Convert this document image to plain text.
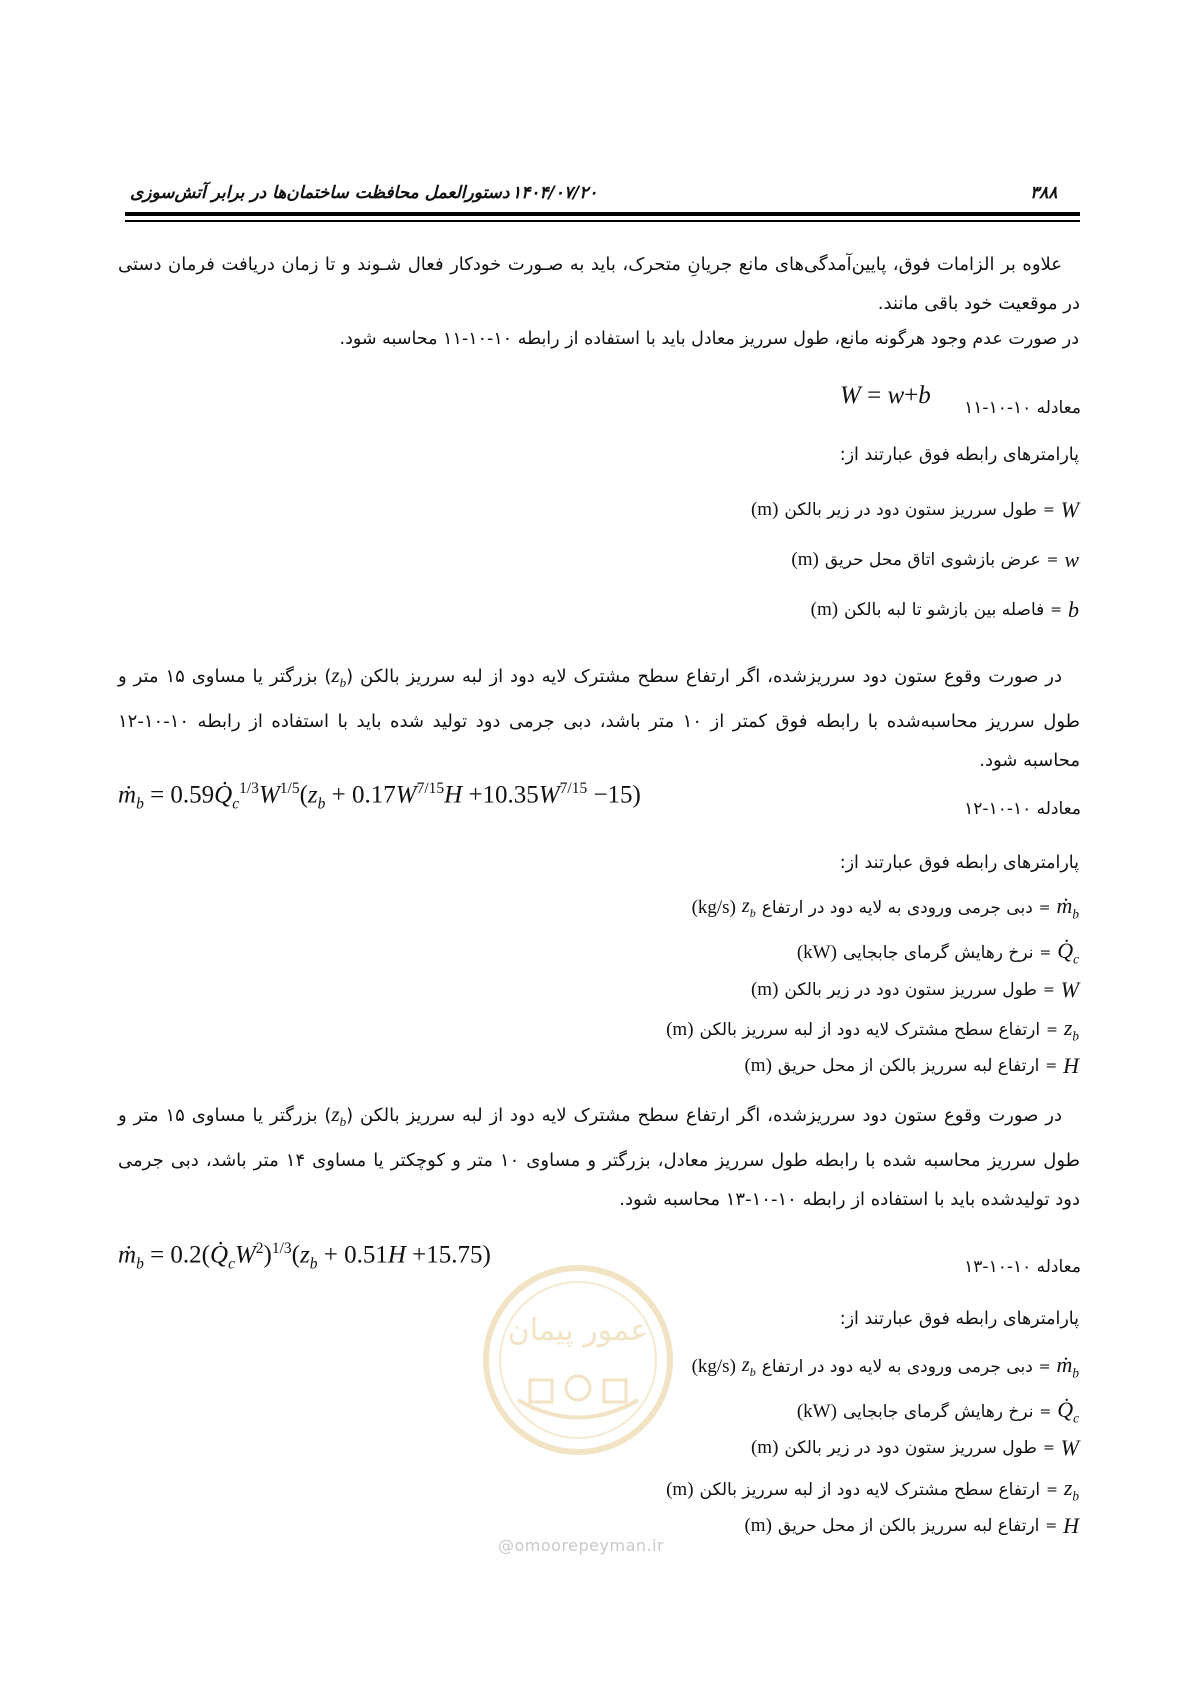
۳۸۸
۱۴۰۴/۰۷/۲۰
دستورالعمل محافظت ساختمان‌ها در برابر آتش‌سوزی
علاوه بر الزامات فوق، پایین‌آمدگی‌های مانع جریانِ متحرک، باید به صـورت خودکار فعال شـوند و تا زمان دریافت فرمان دستی در موقعیت خود باقی مانند.
در صورت عدم وجود هرگونه مانع، طول سرریز معادل باید با استفاده از رابطه ۱۰-۱۰-۱۱ محاسبه شود.
معادله ۱۰-۱۰-۱۱
W = w+b
پارامترهای رابطه فوق عبارتند از:
W
=
طول سرریز ستون دود در زیر بالکن
(m)
w
=
عرض بازشوی اتاق محل حریق
(m)
b
=
فاصله بین بازشو تا لبه بالکن
(m)
در صورت وقوع ستون دود سرریزشده، اگر ارتفاع سطح مشترک لایه دود از لبه سرریز بالکن $(z_b)$ بزرگتر یا مساوی ۱۵ متر و طول سرریز محاسبه‌شده با رابطه فوق کمتر از ۱۰ متر باشد، دبی جرمی دود تولید شده باید با استفاده از رابطه ۱۰-۱۰-۱۲ محاسبه شود.
معادله ۱۰-۱۰-۱۲
ṁ$_b$ = $0.59Q̇_c^{1/3}W^{1/5}(z_b + 0.17W^{7/15}H +10.35W^{7/15} -15)$
پارامترهای رابطه فوق عبارتند از:
ṁ$_b$
=
دبی جرمی ورودی به لایه دود در ارتفاع
$z_b$
(kg/s)
$Q̇_c$
=
نرخ رهایش گرمای جابجایی
(kW)
W
=
طول سرریز ستون دود در زیر بالکن
(m)
$z_b$
=
ارتفاع سطح مشترک لایه دود از لبه سرریز بالکن
(m)
H
=
ارتفاع لبه سرریز بالکن از محل حریق
(m)
در صورت وقوع ستون دود سرریزشده، اگر ارتفاع سطح مشترک لایه دود از لبه سرریز بالکن $(z_b)$ بزرگتر یا مساوی ۱۵ متر و طول سرریز محاسبه شده با رابطه طول سرریز معادل، بزرگتر و مساوی ۱۰ متر و کوچکتر یا مساوی ۱۴ متر باشد، دبی جرمی دود تولیدشده باید با استفاده از رابطه ۱۰-۱۰-۱۳ محاسبه شود.
معادله ۱۰-۱۰-۱۳
ṁ$_b$ = $0.2(Q̇_cW^2)^{1/3}(z_b + 0.51H +15.75)$
پارامترهای رابطه فوق عبارتند از:
عمور پیمان
@omoorepeyman.ir
ṁ$_b$
=
دبی جرمی ورودی به لایه دود در ارتفاع
$z_b$
(kg/s)
$Q̇_c$
=
نرخ رهایش گرمای جابجایی
(kW)
W
=
طول سرریز ستون دود در زیر بالکن
(m)
$z_b$
=
ارتفاع سطح مشترک لایه دود از لبه سرریز بالکن
(m)
H
=
ارتفاع لبه سرریز بالکن از محل حریق
(m)
